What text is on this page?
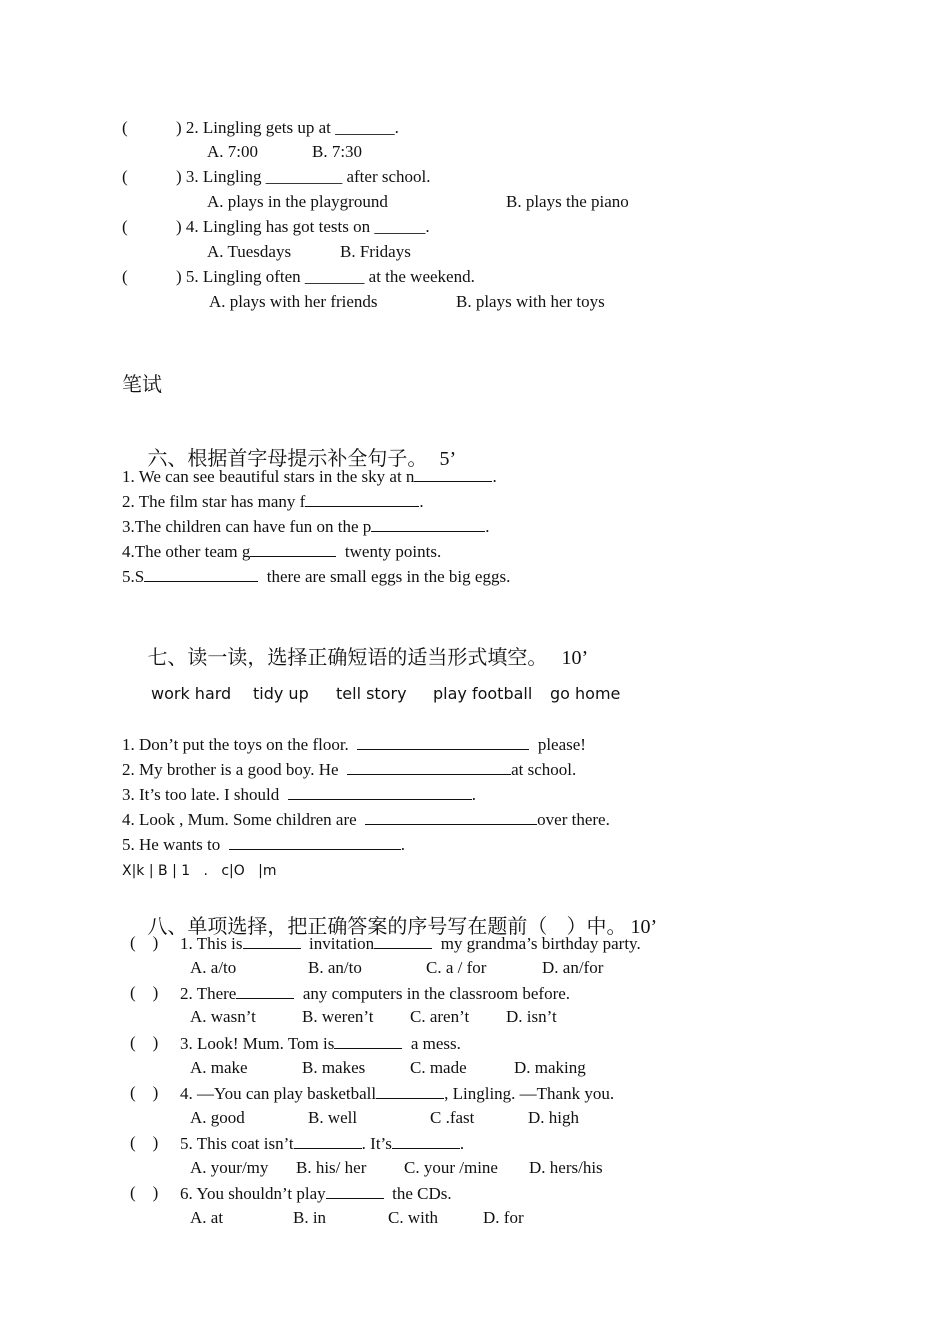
(	) 2. Lingling gets up at _______.
A. 7:00	B. 7:30
(	) 3. Lingling _________ after school.
A. plays in the playground	B. plays the piano
(	) 4. Lingling has got tests on ______.
A. Tuesdays	B. Fridays
(	) 5. Lingling often _______ at the weekend.
A. plays with her friends	B. plays with her toys
笔试

六、根据首字母提示补全句子。 5’

1. We can see beautiful stars in the sky at n	.
2. The film star has many f	.
3.The children can have fun on the p	.
4.The other team g	twenty points.
5.S	there are small eggs in the big eggs.

七、读一读，选择正确短语的适当形式填空。 10’

work hard tidy up tell story play football go home
1. Don’t put the toys on the floor.	please!
2. My brother is a good boy. He	at school.
3. It’s too late. I should	.
4. Look , Mum. Some children are	over there.
5. He wants to	.
X|k | B | 1   .   c|O   |m

八、单项选择，把正确答案的序号写在题前（   ）中。 10’

(    ) 1. This is	invitation	my grandma’s birthday party.
A. a/to	B. an/to	C. a / for	D. an/for
(    ) 2. There	any computers in the classroom before.
A. wasn’t	B. weren’t C. aren’t D. isn’t
(    ) 3. Look! Mum. Tom is	a mess.
A. make	B. makes	C. made	D. making
(    ) 4. —You can play basketball	, Lingling. —Thank you.
A. good	B. well	C .fast	D. high
(    ) 5. This coat isn’t	. It’s	.
A. your/my B. his/ her C. your /mine D. hers/his
(    ) 6. You shouldn’t play	the CDs.
A. at	B. in	C. with	D. for
